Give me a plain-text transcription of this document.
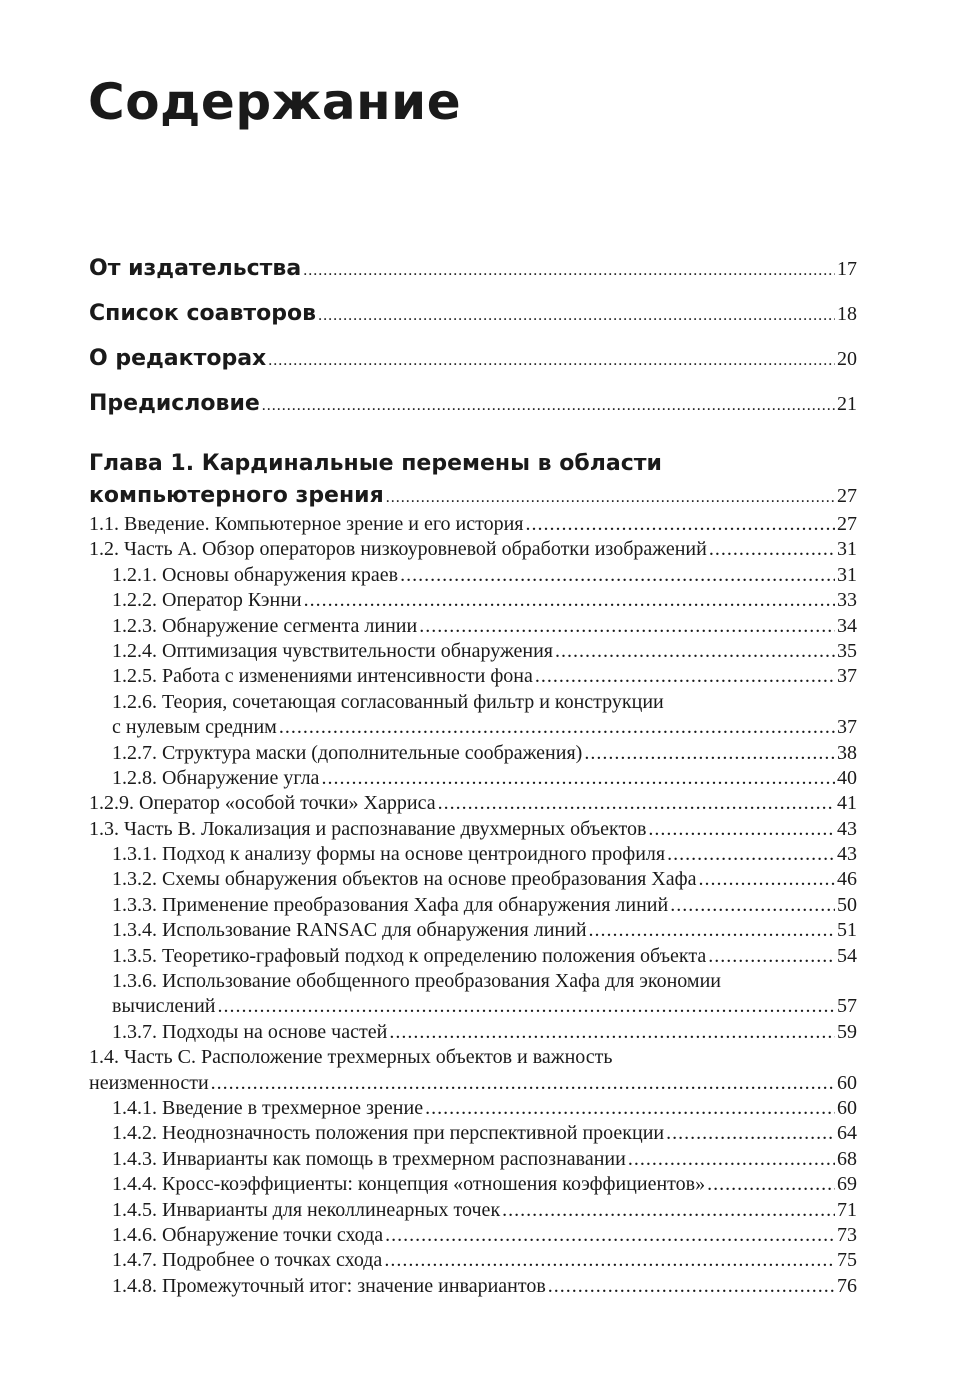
Содержание
От издательства .....	17
Список соавторов .....	18
О редакторах .....	20
Предисловие .....	21
Глава 1. Кардинальные перемены в области
компьютерного зрения .....	27
1.1. Введение. Компьютерное зрение и его история .....	27
1.2. Часть А. Обзор операторов низкоуровневой обработки изображений .....	31
1.2.1. Основы обнаружения краев .....	31
1.2.2. Оператор Кэнни .....	33
1.2.3. Обнаружение сегмента линии .....	34
1.2.4. Оптимизация чувствительности обнаружения .....	35
1.2.5. Работа с изменениями интенсивности фона .....	37
1.2.6. Теория, сочетающая согласованный фильтр и конструкции
с нулевым средним .....	37
1.2.7. Структура маски (дополнительные соображения) .....	38
1.2.8. Обнаружение угла .....	40
1.2.9. Оператор «особой точки» Харриса .....	41
1.3. Часть B. Локализация и распознавание двухмерных объектов .....	43
1.3.1. Подход к анализу формы на основе центроидного профиля .....	43
1.3.2. Схемы обнаружения объектов на основе преобразования Хафа .....	46
1.3.3. Применение преобразования Хафа для обнаружения линий .....	50
1.3.4. Использование RANSAC для обнаружения линий .....	51
1.3.5. Теоретико-графовый подход к определению положения объекта .....	54
1.3.6. Использование обобщенного преобразования Хафа для экономии
вычислений .....	57
1.3.7. Подходы на основе частей .....	59
1.4. Часть C. Расположение трехмерных объектов и важность
неизменности .....	60
1.4.1. Введение в трехмерное зрение .....	60
1.4.2. Неоднозначность положения при перспективной проекции .....	64
1.4.3. Инварианты как помощь в трехмерном распознавании .....	68
1.4.4. Кросс-коэффициенты: концепция «отношения коэффициентов» .....	69
1.4.5. Инварианты для неколлинеарных точек .....	71
1.4.6. Обнаружение точки схода .....	73
1.4.7. Подробнее о точках схода .....	75
1.4.8. Промежуточный итог: значение инвариантов .....	76
